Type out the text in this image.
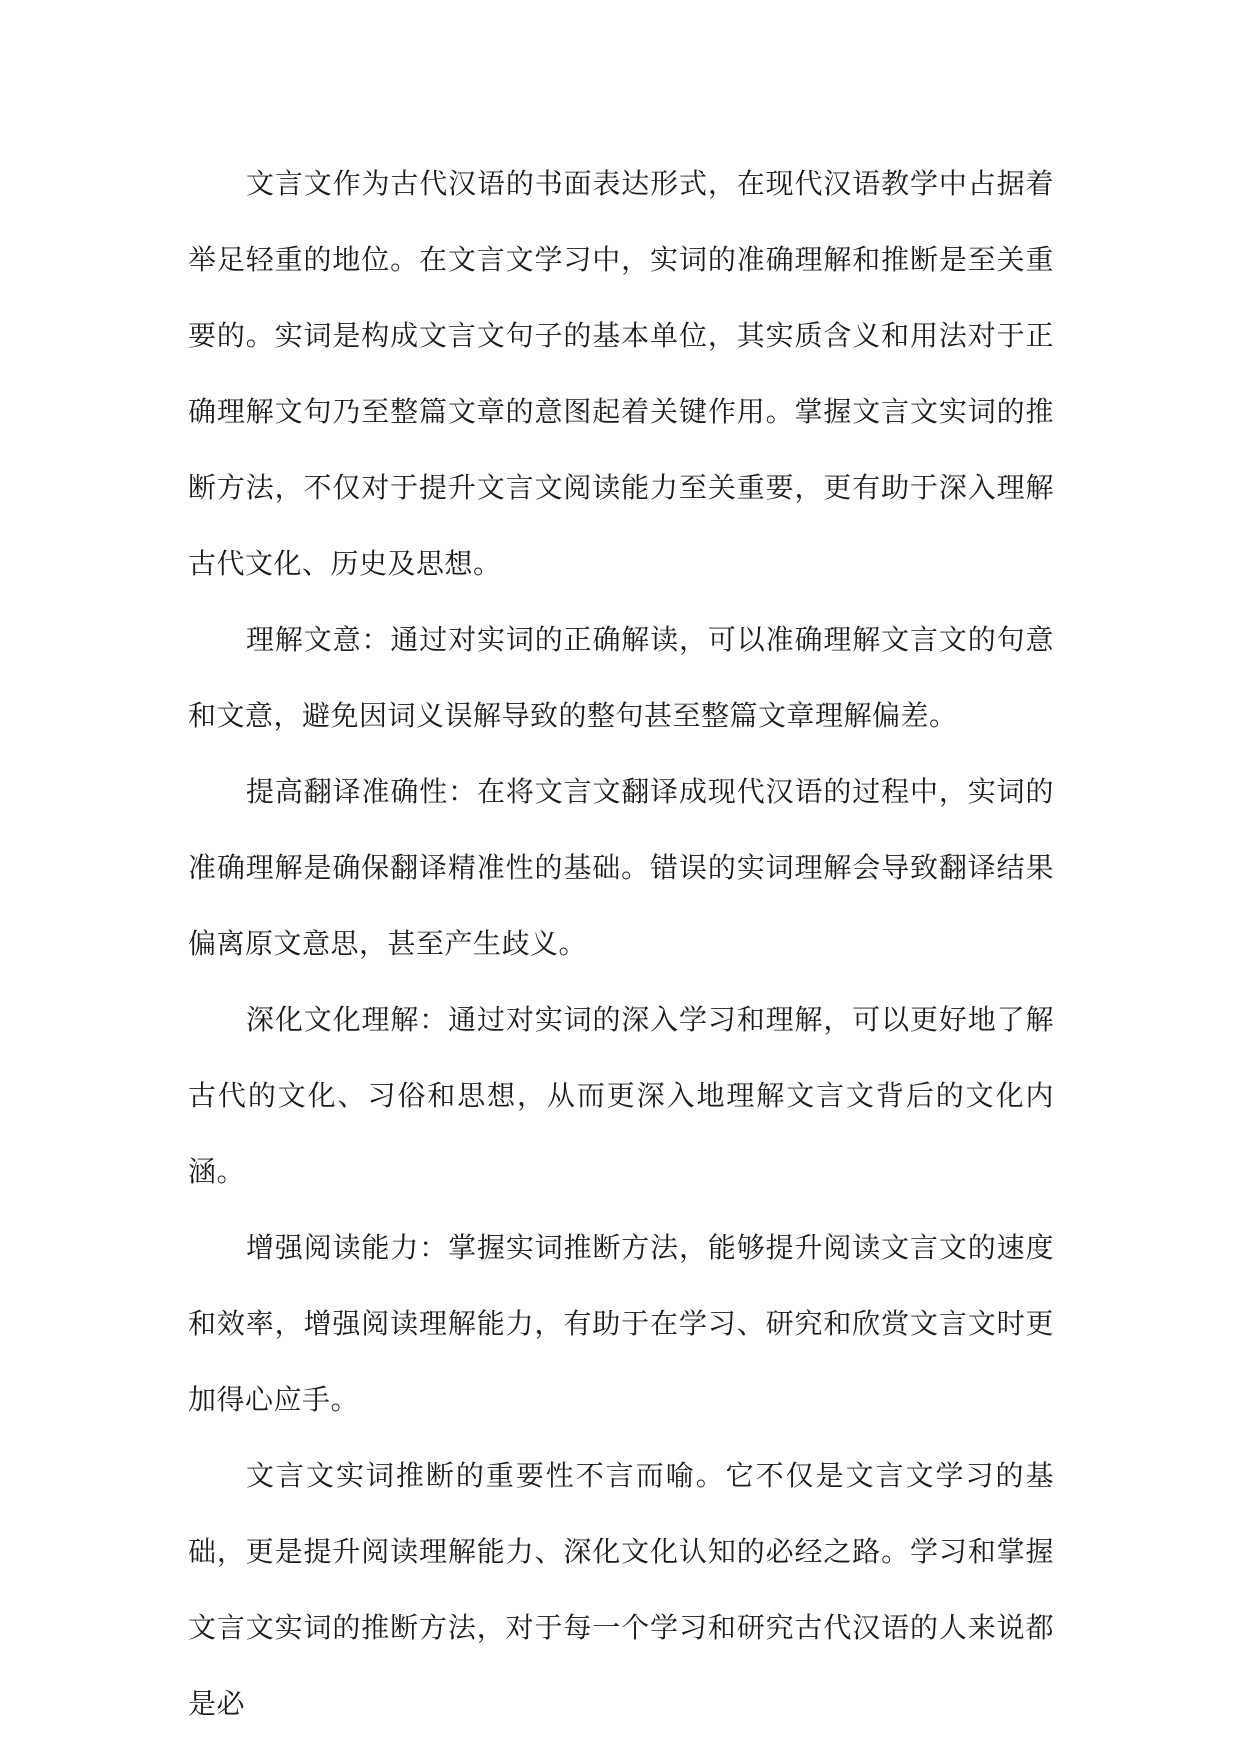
文言文作为古代汉语的书面表达形式，在现代汉语教学中占据着举足轻重的地位。在文言文学习中，实词的准确理解和推断是至关重要的。实词是构成文言文句子的基本单位，其实质含义和用法对于正确理解文句乃至整篇文章的意图起着关键作用。掌握文言文实词的推断方法，不仅对于提升文言文阅读能力至关重要，更有助于深入理解古代文化、历史及思想。

理解文意：通过对实词的正确解读，可以准确理解文言文的句意和文意，避免因词义误解导致的整句甚至整篇文章理解偏差。

提高翻译准确性：在将文言文翻译成现代汉语的过程中，实词的准确理解是确保翻译精准性的基础。错误的实词理解会导致翻译结果偏离原文意思，甚至产生歧义。

深化文化理解：通过对实词的深入学习和理解，可以更好地了解古代的文化、习俗和思想，从而更深入地理解文言文背后的文化内涵。

增强阅读能力：掌握实词推断方法，能够提升阅读文言文的速度和效率，增强阅读理解能力，有助于在学习、研究和欣赏文言文时更加得心应手。

文言文实词推断的重要性不言而喻。它不仅是文言文学习的基础，更是提升阅读理解能力、深化文化认知的必经之路。学习和掌握文言文实词的推断方法，对于每一个学习和研究古代汉语的人来说都是必
